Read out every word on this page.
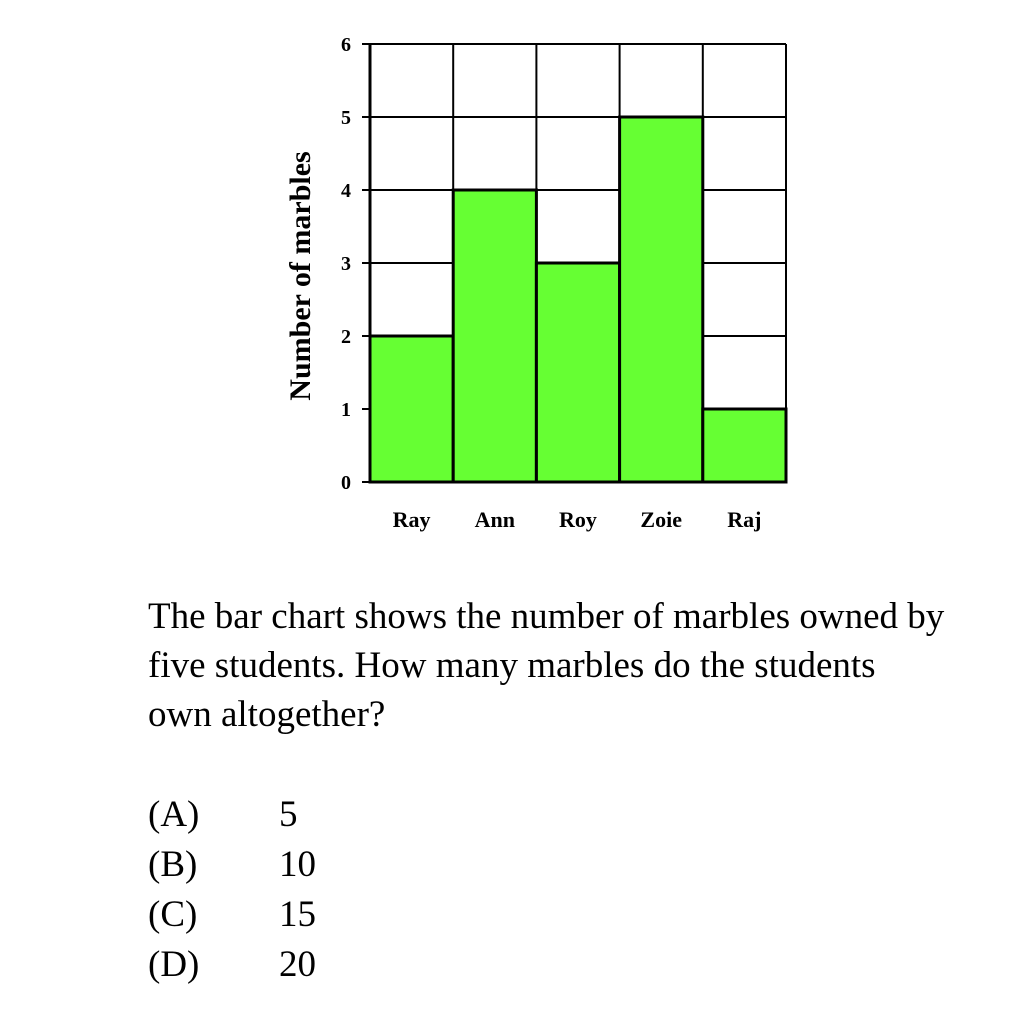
0
1
2
3
4
5
6
Ray Ann Roy Zoie Raj
Number of marbles

The bar chart shows the number of marbles owned by five students. How many marbles do the students own altogether?

(A)	5
(B)	10
(C)	15
(D)	20
